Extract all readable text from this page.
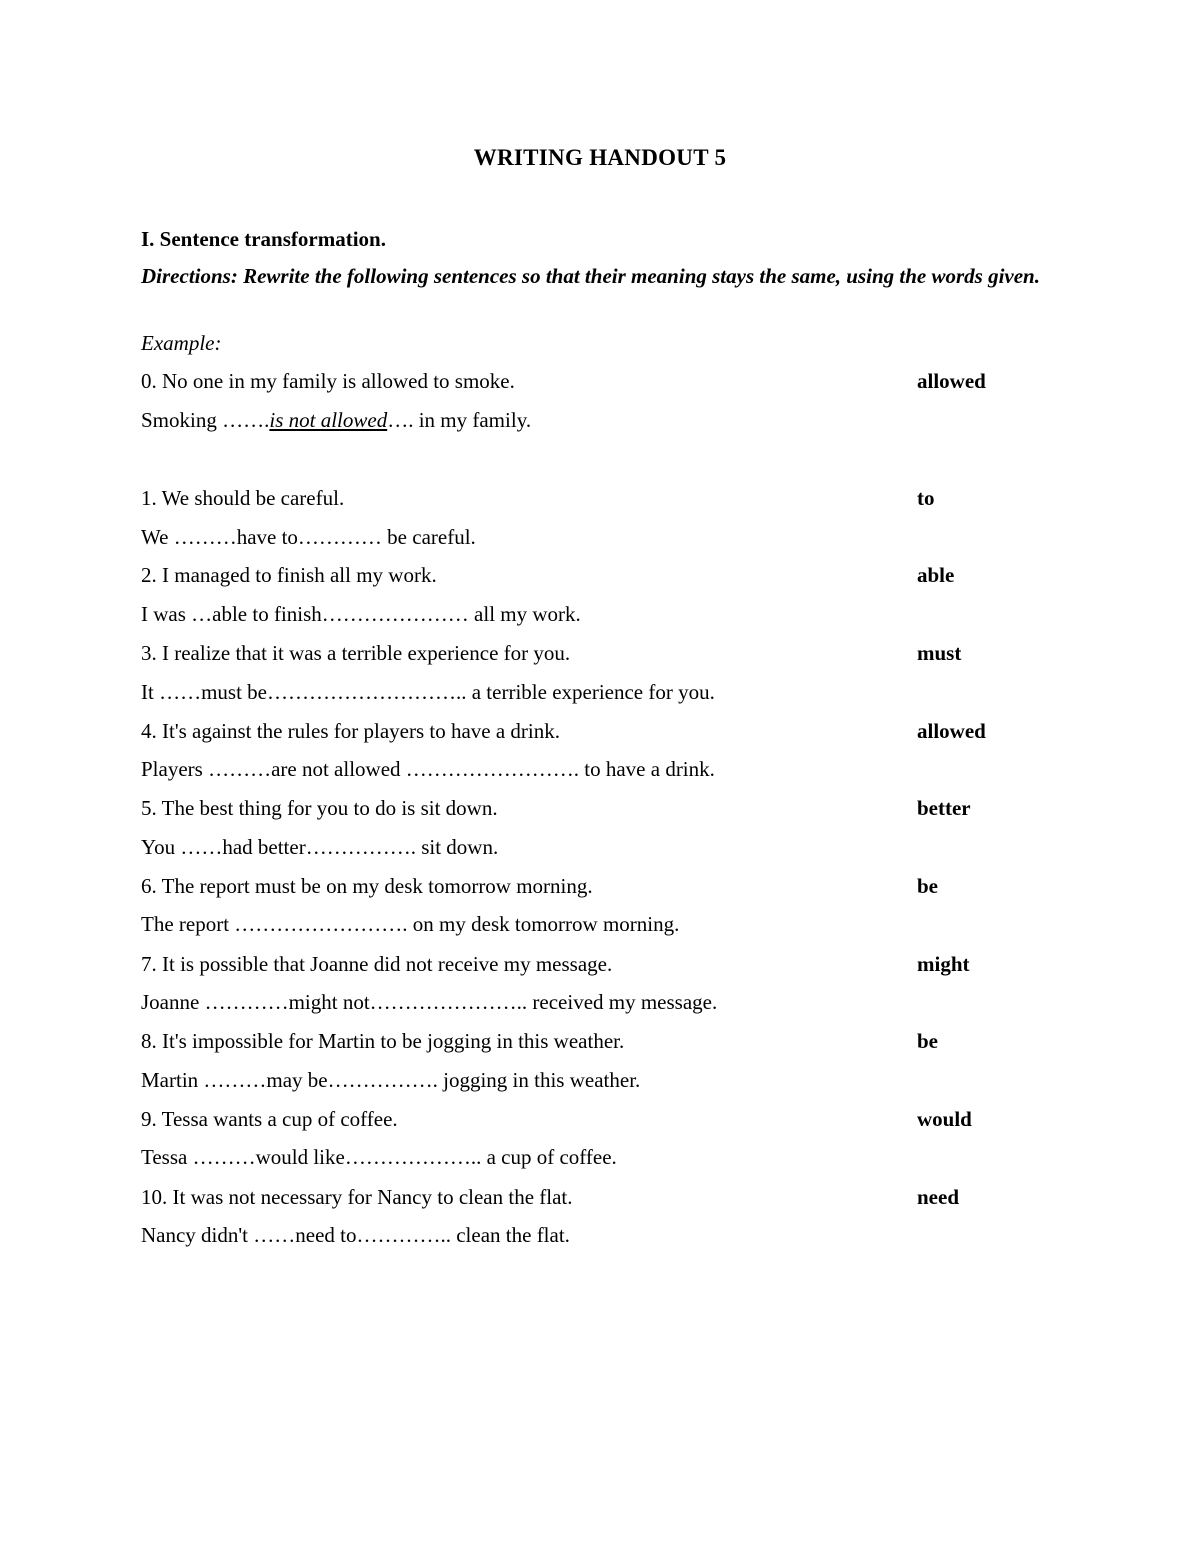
WRITING HANDOUT 5
I. Sentence transformation.
Directions: Rewrite the following sentences so that their meaning stays the same, using the words given.
Example:
0. No one in my family is allowed to smoke.	allowed
Smoking …….is not allowed…. in my family.
1. We should be careful.	to
We ………have to………… be careful.
2. I managed to finish all my work.	able
I was …able to finish………………… all my work.
3. I realize that it was a terrible experience for you.	must
It ……must be……………………….. a terrible experience for you.
4. It's against the rules for players to have a drink.	allowed
Players ………are not allowed ……………………. to have a drink.
5. The best thing for you to do is sit down.	better
You ……had better……………. sit down.
6. The report must be on my desk tomorrow morning.	be
The report ……………………. on my desk tomorrow morning.
7. It is possible that Joanne did not receive my message.	might
Joanne …………might not………………….. received my message.
8. It's impossible for Martin to be jogging in this weather.	be
Martin ………may be……………. jogging in this weather.
9. Tessa wants a cup of coffee.	would
Tessa ………would like……………….. a cup of coffee.
10. It was not necessary for Nancy to clean the flat.	need
Nancy didn't ……need to………….. clean the flat.
